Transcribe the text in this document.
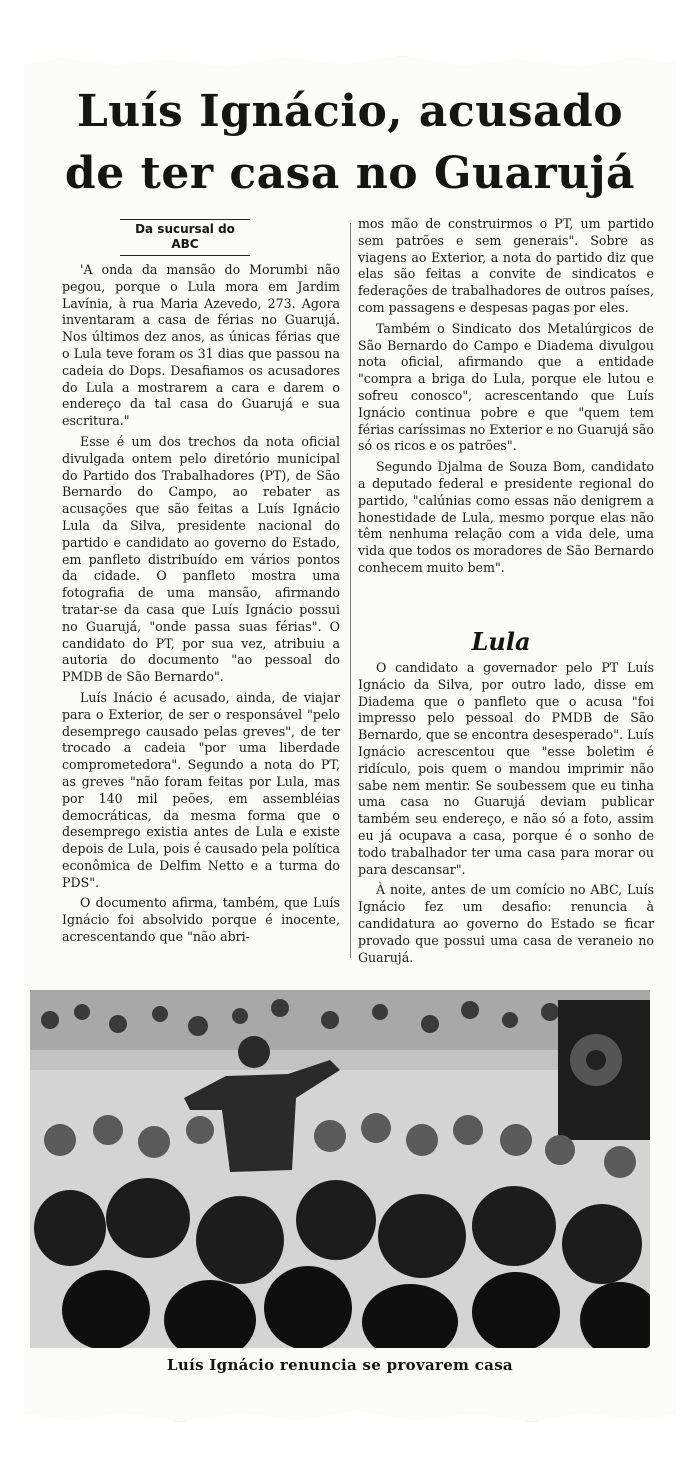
Luís Ignácio, acusado
de ter casa no Guarujá
Da sucursal do
ABC

'A onda da mansão do Morumbi não pegou, porque o Lula mora em Jardim Lavínia, à rua Maria Azevedo, 273. Agora inventaram a casa de férias no Guarujá. Nos últimos dez anos, as únicas férias que o Lula teve foram os 31 dias que passou na cadeia do Dops. Desafiamos os acusadores do Lula a mostrarem a cara e darem o endereço da tal casa do Guarujá e sua escritura."

Esse é um dos trechos da nota oficial divulgada ontem pelo diretório municipal do Partido dos Trabalhadores (PT), de São Bernardo do Campo, ao rebater as acusações que são feitas a Luís Ignácio Lula da Silva, presidente nacional do partido e candidato ao governo do Estado, em panfleto distribuído em vários pontos da cidade. O panfleto mostra uma fotografia de uma mansão, afirmando tratar-se da casa que Luís Ignácio possui no Guarujá, "onde passa suas férias". O candidato do PT, por sua vez, atribuiu a autoria do documento "ao pessoal do PMDB de São Bernardo".

Luís Inácio é acusado, ainda, de viajar para o Exterior, de ser o responsável "pelo desemprego causado pelas greves", de ter trocado a cadeia "por uma liberdade comprometedora". Segundo a nota do PT, as greves "não foram feitas por Lula, mas por 140 mil peões, em assembléias democráticas, da mesma forma que o desemprego existia antes de Lula e existe depois de Lula, pois é causado pela política econômica de Delfim Netto e a turma do PDS".

O documento afirma, também, que Luís Ignácio foi absolvido porque é inocente, acrescentando que "não abri-

mos mão de construirmos o PT, um partido sem patrões e sem generais". Sobre as viagens ao Exterior, a nota do partido diz que elas são feitas a convite de sindicatos e federações de trabalhadores de outros países, com passagens e despesas pagas por eles.

Também o Sindicato dos Metalúrgicos de São Bernardo do Campo e Diadema divulgou nota oficial, afirmando que a entidade "compra a briga do Lula, porque ele lutou e sofreu conosco", acrescentando que Luís Ignácio continua pobre e que "quem tem férias caríssimas no Exterior e no Guarujá são só os ricos e os patrões".

Segundo Djalma de Souza Bom, candidato a deputado federal e presidente regional do partido, "calúnias como essas não denigrem a honestidade de Lula, mesmo porque elas não têm nenhuma relação com a vida dele, uma vida que todos os moradores de São Bernardo conhecem muito bem".

Lula

O candidato a governador pelo PT Luís Ignácio da Silva, por outro lado, disse em Diadema que o panfleto que o acusa "foi impresso pelo pessoal do PMDB de São Bernardo, que se encontra desesperado". Luís Ignácio acrescentou que "esse boletim é ridículo, pois quem o mandou imprimir não sabe nem mentir. Se soubessem que eu tinha uma casa no Guarujá deviam publicar também seu endereço, e não só a foto, assim eu já ocupava a casa, porque é o sonho de todo trabalhador ter uma casa para morar ou para descansar".

À noite, antes de um comício no ABC, Luís Ignácio fez um desafio: renuncia à candidatura ao governo do Estado se ficar provado que possui uma casa de veraneio no Guarujá.

Luís Ignácio renuncia se provarem casa
